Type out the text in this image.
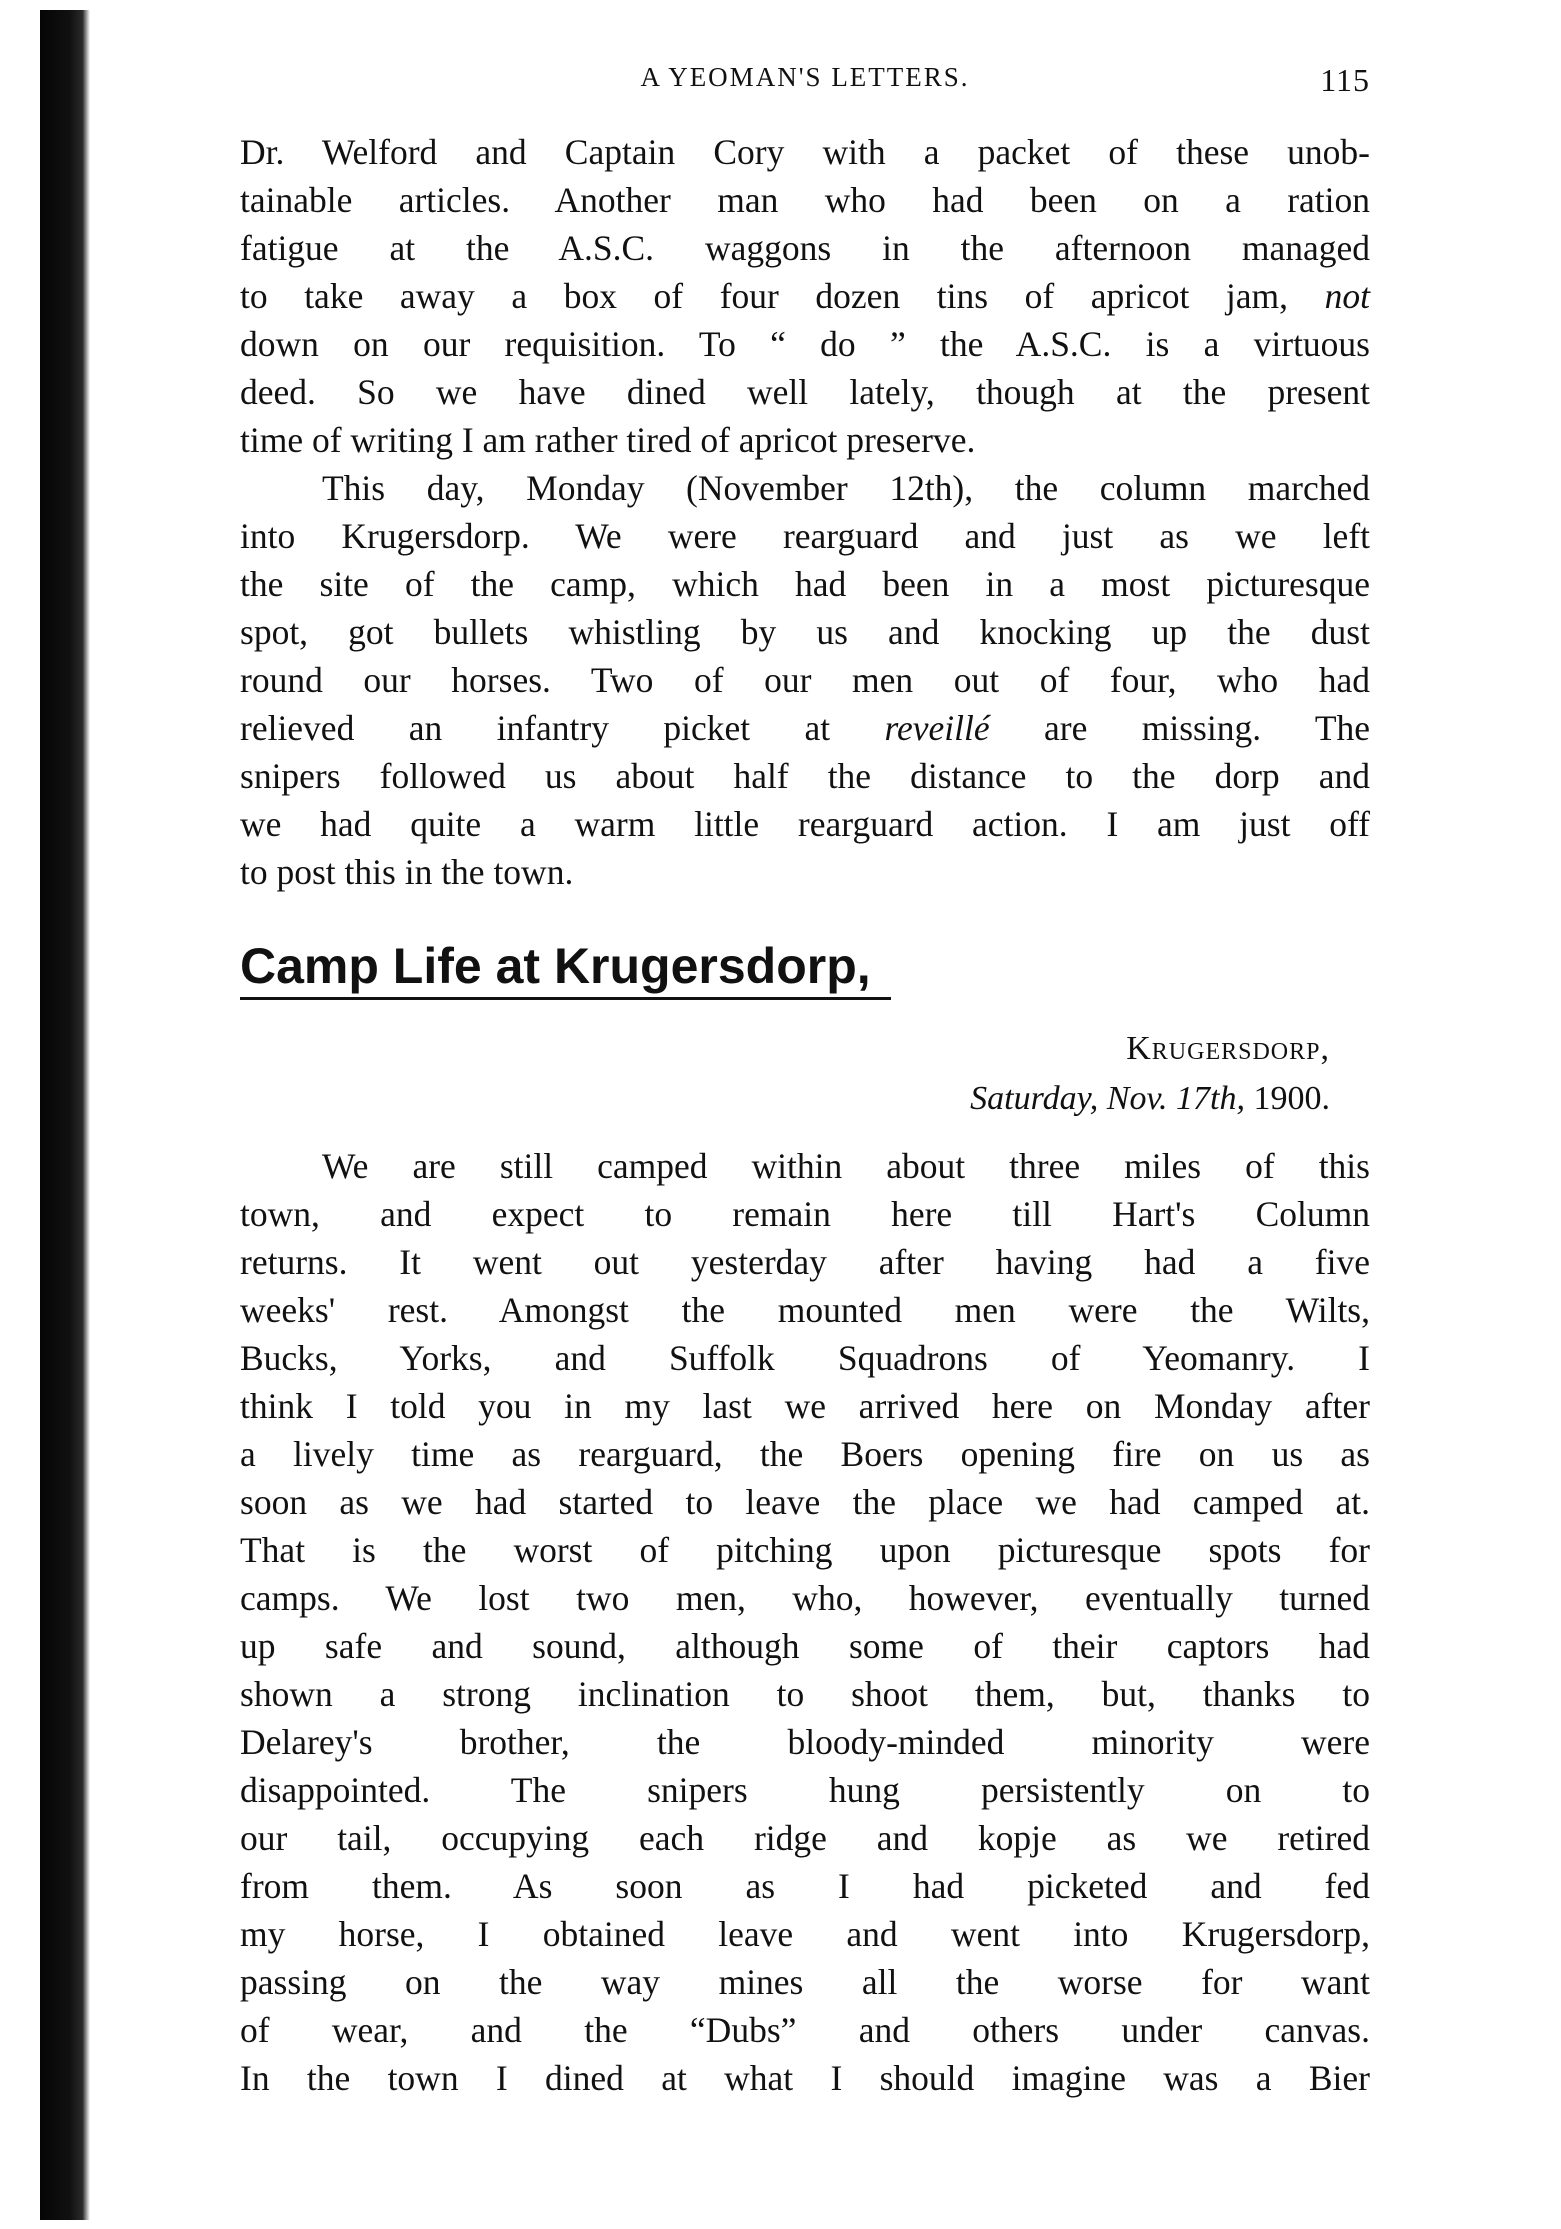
A YEOMAN'S LETTERS.	115

Dr. Welford and Captain Cory with a packet of these unob-

tainable articles. Another man who had been on a ration

fatigue at the A.S.C. waggons in the afternoon managed

to take away a box of four dozen tins of apricot jam, not

down on our requisition. To “ do ” the A.S.C. is a virtuous

deed. So we have dined well lately, though at the present

time of writing I am rather tired of apricot preserve.

This day, Monday (November 12th), the column marched

into Krugersdorp. We were rearguard and just as we left

the site of the camp, which had been in a most picturesque

spot, got bullets whistling by us and knocking up the dust

round our horses. Two of our men out of four, who had

relieved an infantry picket at reveillé are missing. The

snipers followed us about half the distance to the dorp and

we had quite a warm little rearguard action. I am just off

to post this in the town.

Camp Life at Krugersdorp,
Krugersdorp,
Saturday, Nov. 17th, 1900.

We are still camped within about three miles of this

town, and expect to remain here till Hart's Column

returns. It went out yesterday after having had a five

weeks' rest. Amongst the mounted men were the Wilts,

Bucks, Yorks, and Suffolk Squadrons of Yeomanry. I

think I told you in my last we arrived here on Monday after

a lively time as rearguard, the Boers opening fire on us as

soon as we had started to leave the place we had camped at.

That is the worst of pitching upon picturesque spots for

camps. We lost two men, who, however, eventually turned

up safe and sound, although some of their captors had

shown a strong inclination to shoot them, but, thanks to

Delarey's brother, the bloody-minded minority were

disappointed. The snipers hung persistently on to

our tail, occupying each ridge and kopje as we retired

from them. As soon as I had picketed and fed

my horse, I obtained leave and went into Krugersdorp,

passing on the way mines all the worse for want

of wear, and the “Dubs” and others under canvas.

In the town I dined at what I should imagine was a Bier
